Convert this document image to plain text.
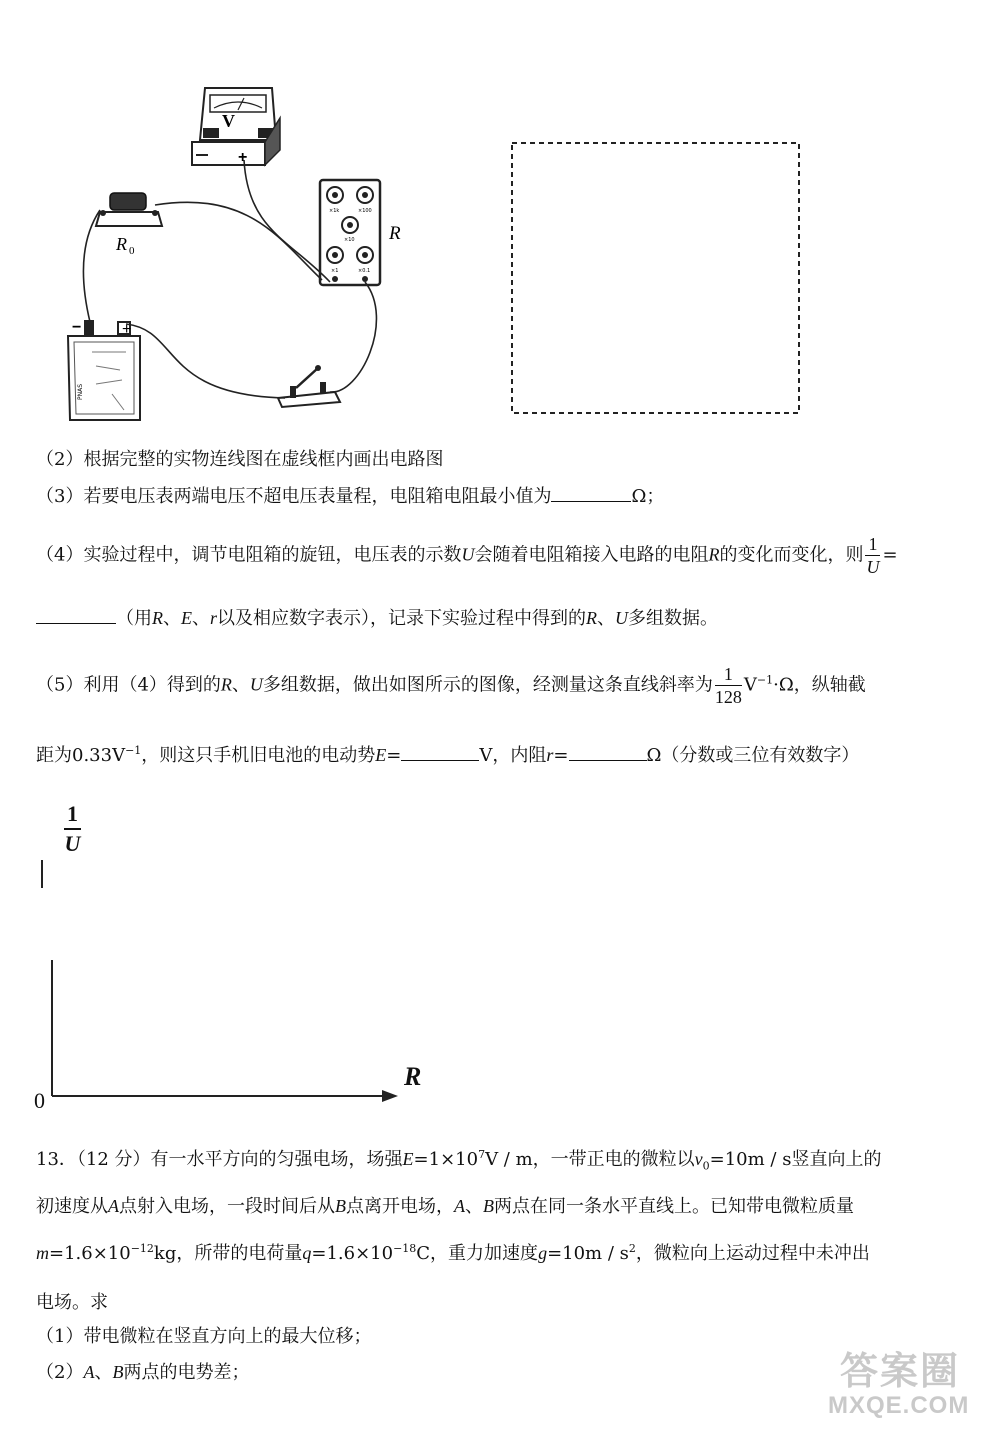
V
+
R 0
×1k	×100
×10
×1	×0.1
R
−	+
PNAS
（2）根据完整的实物连线图在虚线框内画出电路图
（3）若要电压表两端电压不超电压表量程，电阻箱电阻最小值为	Ω；
（4）实验过程中，调节电阻箱的旋钮，电压表的示数U会随着电阻箱接入电路的电阻R的变化而变化，则 $\frac{1}{U}$ =
（用R、E、r以及相应数字表示），记录下实验过程中得到的R、U多组数据。
（5）利用（4）得到的R、U多组数据，做出如图所示的图像，经测量这条直线斜率为 $\frac{1}{128} V^{-1}\cdot\Omega$，纵轴截
距为$0.33V^{-1}$，则这只手机旧电池的电动势E=	V，内阻r=	Ω（分数或三位有效数字）
$\frac{1}{U}$
R
0
13．（12 分）有一水平方向的匀强电场，场强$E=1\times 10^7V / m$，一带正电的微粒以$v_0=10m / s$竖直向上的
初速度从A点射入电场，一段时间后从B点离开电场，A、B两点在同一条水平直线上。已知带电微粒质量
$m=1.6\times 10^{-12}kg$，所带的电荷量$q=1.6\times 10^{-18}C$，重力加速度$g=10m / s^2$，微粒向上运动过程中未冲出
电场。求
（1）带电微粒在竖直方向上的最大位移；
（2）A、B两点的电势差；	答案圈
MXQE.COM
